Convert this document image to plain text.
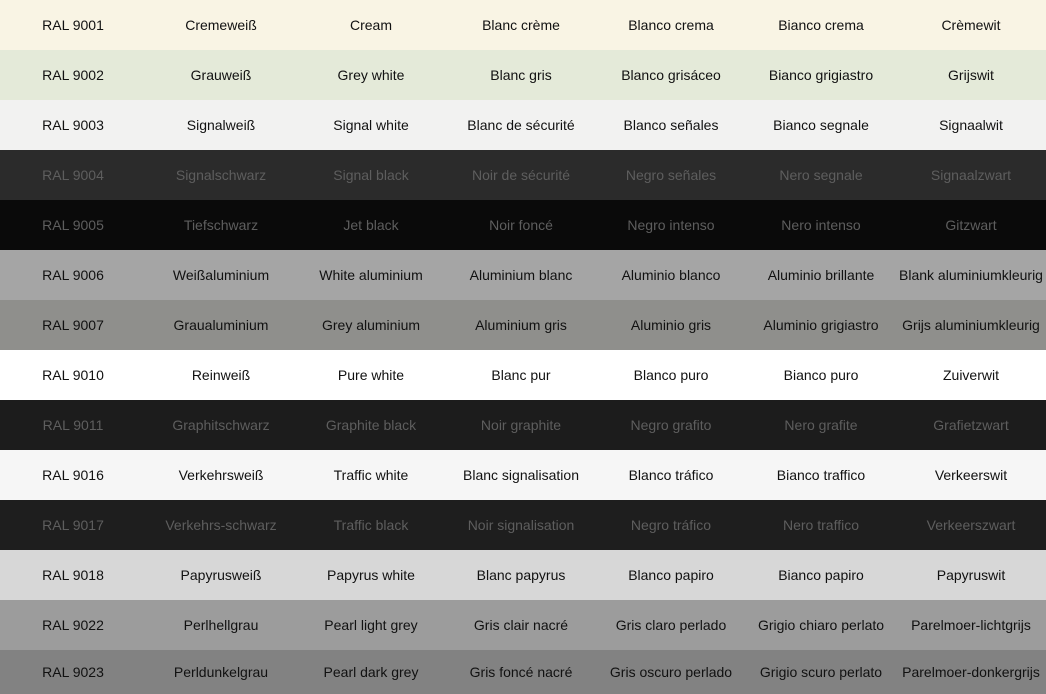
RAL 9001	Cremeweiß	Cream	Blanc crème	Blanco crema	Bianco crema	Crèmewit
RAL 9002	Grauweiß	Grey white	Blanc gris	Blanco grisáceo	Bianco grigiastro	Grijswit
RAL 9003	Signalweiß	Signal white	Blanc de sécurité	Blanco señales	Bianco segnale	Signaalwit
RAL 9004	Signalschwarz	Signal black	Noir de sécurité	Negro señales	Nero segnale	Signaalzwart
RAL 9005	Tiefschwarz	Jet black	Noir foncé	Negro intenso	Nero intenso	Gitzwart
RAL 9006	Weißaluminium	White aluminium	Aluminium blanc	Aluminio blanco	Aluminio brillante	Blank aluminiumkleurig
RAL 9007	Graualuminium	Grey aluminium	Aluminium gris	Aluminio gris	Aluminio grigiastro	Grijs aluminiumkleurig
RAL 9010	Reinweiß	Pure white	Blanc pur	Blanco puro	Bianco puro	Zuiverwit
RAL 9011	Graphitschwarz	Graphite black	Noir graphite	Negro grafito	Nero grafite	Grafietzwart
RAL 9016	Verkehrsweiß	Traffic white	Blanc signalisation	Blanco tráfico	Bianco traffico	Verkeerswit
RAL 9017	Verkehrs-schwarz	Traffic black	Noir signalisation	Negro tráfico	Nero traffico	Verkeerszwart
RAL 9018	Papyrusweiß	Papyrus white	Blanc papyrus	Blanco papiro	Bianco papiro	Papyruswit
RAL 9022	Perlhellgrau	Pearl light grey	Gris clair nacré	Gris claro perlado	Grigio chiaro perlato	Parelmoer-lichtgrijs
RAL 9023	Perldunkelgrau	Pearl dark grey	Gris foncé nacré	Gris oscuro perlado	Grigio scuro perlato	Parelmoer-donkergrijs
